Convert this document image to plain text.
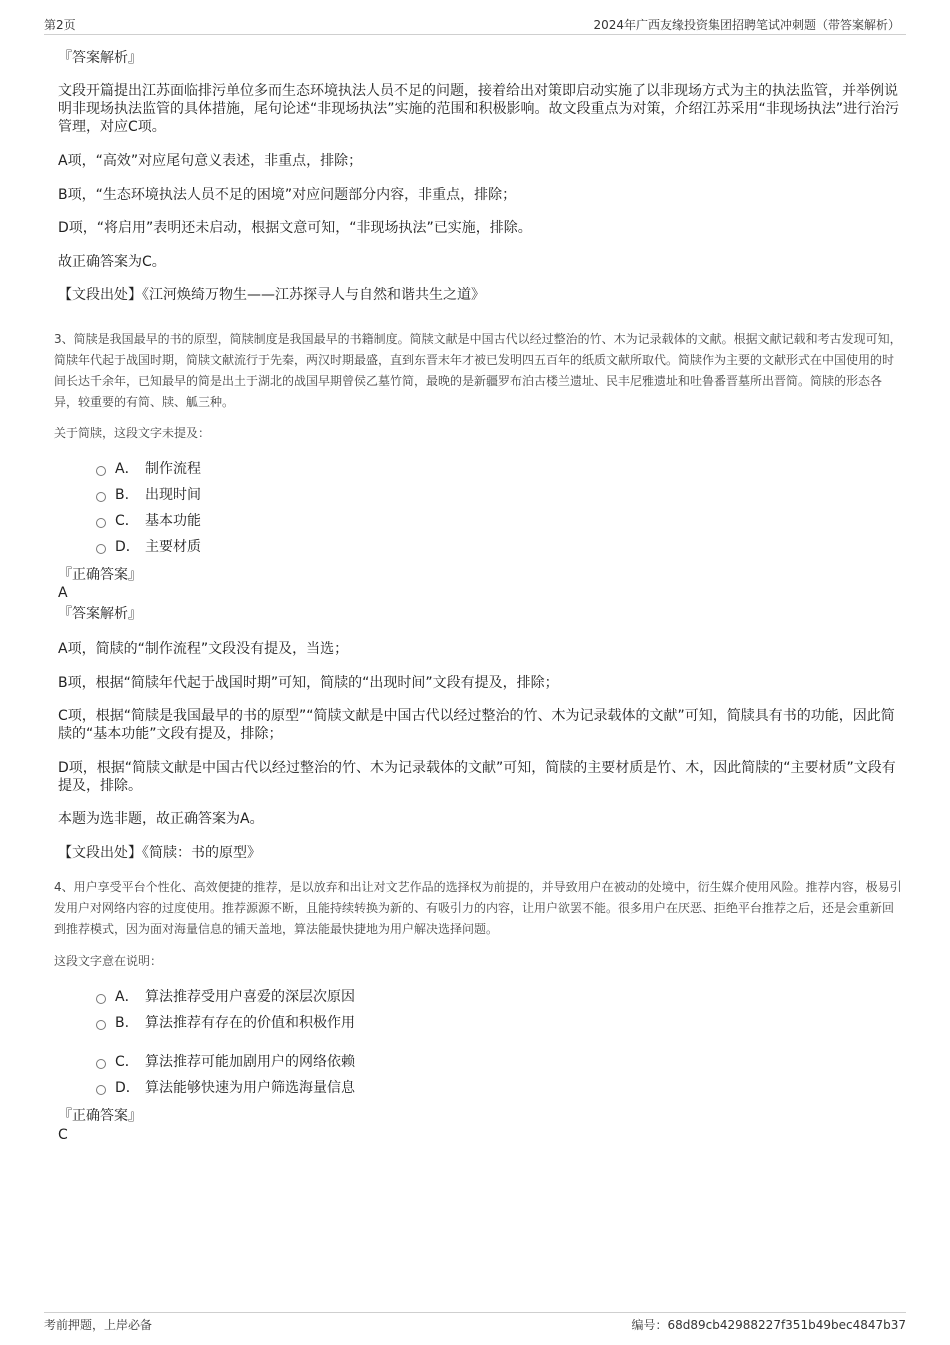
第2页	2024年广西友缘投资集团招聘笔试冲刺题（带答案解析）
『答案解析』
文段开篇提出江苏面临排污单位多而生态环境执法人员不足的问题，接着给出对策即启动实施了以非现场方式为主的执法监管，并举例说明非现场执法监管的具体措施，尾句论述“非现场执法”实施的范围和积极影响。故文段重点为对策，介绍江苏采用“非现场执法”进行治污管理，对应C项。
A项，“高效”对应尾句意义表述，非重点，排除；
B项，“生态环境执法人员不足的困境”对应问题部分内容，非重点，排除；
D项，“将启用”表明还未启动，根据文意可知，“非现场执法”已实施，排除。
故正确答案为C。
【文段出处】《江河焕绮万物生——江苏探寻人与自然和谐共生之道》
3、简牍是我国最早的书的原型，简牍制度是我国最早的书籍制度。简牍文献是中国古代以经过整治的竹、木为记录载体的文献。根据文献记载和考古发现可知，简牍年代起于战国时期，简牍文献流行于先秦，两汉时期最盛，直到东晋末年才被已发明四五百年的纸质文献所取代。简牍作为主要的文献形式在中国使用的时间长达千余年，已知最早的简是出土于湖北的战国早期曾侯乙墓竹简，最晚的是新疆罗布泊古楼兰遗址、民丰尼雅遗址和吐鲁番晋墓所出晋简。简牍的形态各异，较重要的有简、牍、觚三种。
关于简牍，这段文字未提及：
A． 制作流程
B. 出现时间
C． 基本功能
D． 主要材质
『正确答案』
A
『答案解析』
A项，简牍的“制作流程”文段没有提及，当选；
B项，根据“简牍年代起于战国时期”可知，简牍的“出现时间”文段有提及，排除；
C项，根据“简牍是我国最早的书的原型”“简牍文献是中国古代以经过整治的竹、木为记录载体的文献”可知，简牍具有书的功能，因此简牍的“基本功能”文段有提及，排除；
D项，根据“简牍文献是中国古代以经过整治的竹、木为记录载体的文献”可知，简牍的主要材质是竹、木，因此简牍的“主要材质”文段有提及，排除。
本题为选非题，故正确答案为A。
【文段出处】《简牍：书的原型》
4、用户享受平台个性化、高效便捷的推荐，是以放弃和出让对文艺作品的选择权为前提的，并导致用户在被动的处境中，衍生媒介使用风险。推荐内容，极易引发用户对网络内容的过度使用。推荐源源不断，且能持续转换为新的、有吸引力的内容，让用户欲罢不能。很多用户在厌恶、拒绝平台推荐之后，还是会重新回到推荐模式，因为面对海量信息的铺天盖地，算法能最快捷地为用户解决选择问题。
这段文字意在说明：
A． 算法推荐受用户喜爱的深层次原因
B. 算法推荐有存在的价值和积极作用
C． 算法推荐可能加剧用户的网络依赖
D． 算法能够快速为用户筛选海量信息
『正确答案』
C
考前押题，上岸必备	编号：68d89cb42988227f351b49bec4847b37
